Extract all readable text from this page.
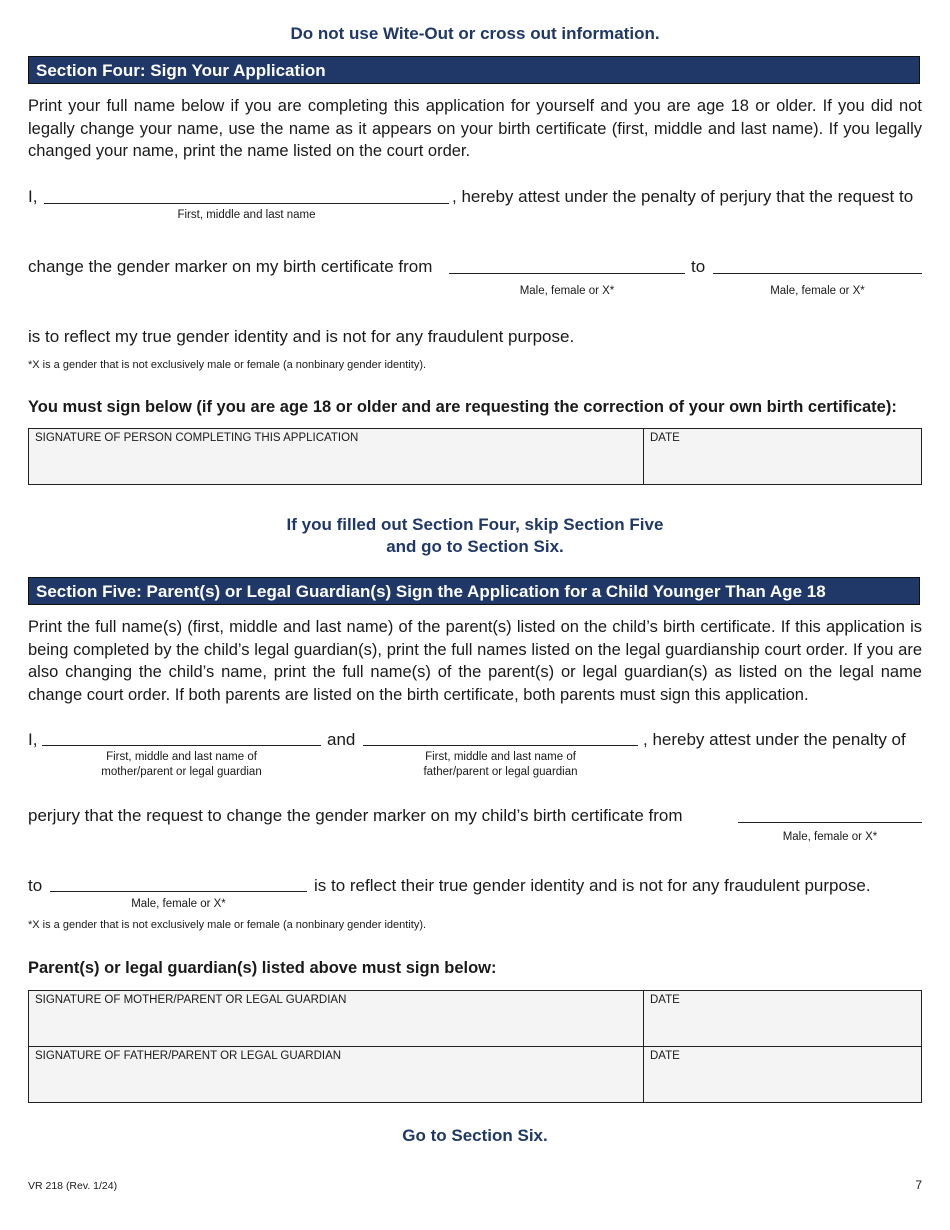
Do not use Wite-Out or cross out information.
Section Four: Sign Your Application
Print your full name below if you are completing this application for yourself and you are age 18 or older. If you did not legally change your name, use the name as it appears on your birth certificate (first, middle and last name). If you legally changed your name, print the name listed on the court order.
I,	, hereby attest under the penalty of perjury that the request to
First, middle and last name
change the gender marker on my birth certificate from	to
Male, female or X*	Male, female or X*
is to reflect my true gender identity and is not for any fraudulent purpose.
*X is a gender that is not exclusively male or female (a nonbinary gender identity).
You must sign below (if you are age 18 or older and are requesting the correction of your own birth certificate):
SIGNATURE OF PERSON COMPLETING THIS APPLICATION	DATE
If you filled out Section Four, skip Section Five
and go to Section Six.
Section Five: Parent(s) or Legal Guardian(s) Sign the Application for a Child Younger Than Age 18
Print the full name(s) (first, middle and last name) of the parent(s) listed on the child’s birth certificate. If this application is being completed by the child’s legal guardian(s), print the full names listed on the legal guardianship court order. If you are also changing the child’s name, print the full name(s) of the parent(s) or legal guardian(s) as listed on the legal name change court order. If both parents are listed on the birth certificate, both parents must sign this application.
I,	and	, hereby attest under the penalty of
First, middle and last name of
mother/parent or legal guardian
First, middle and last name of
father/parent or legal guardian
perjury that the request to change the gender marker on my child’s birth certificate from
Male, female or X*
to	is to reflect their true gender identity and is not for any fraudulent purpose.
Male, female or X*
*X is a gender that is not exclusively male or female (a nonbinary gender identity).
Parent(s) or legal guardian(s) listed above must sign below:
SIGNATURE OF MOTHER/PARENT OR LEGAL GUARDIAN	DATE
SIGNATURE OF FATHER/PARENT OR LEGAL GUARDIAN	DATE
Go to Section Six.
VR 218 (Rev. 1/24)	7
